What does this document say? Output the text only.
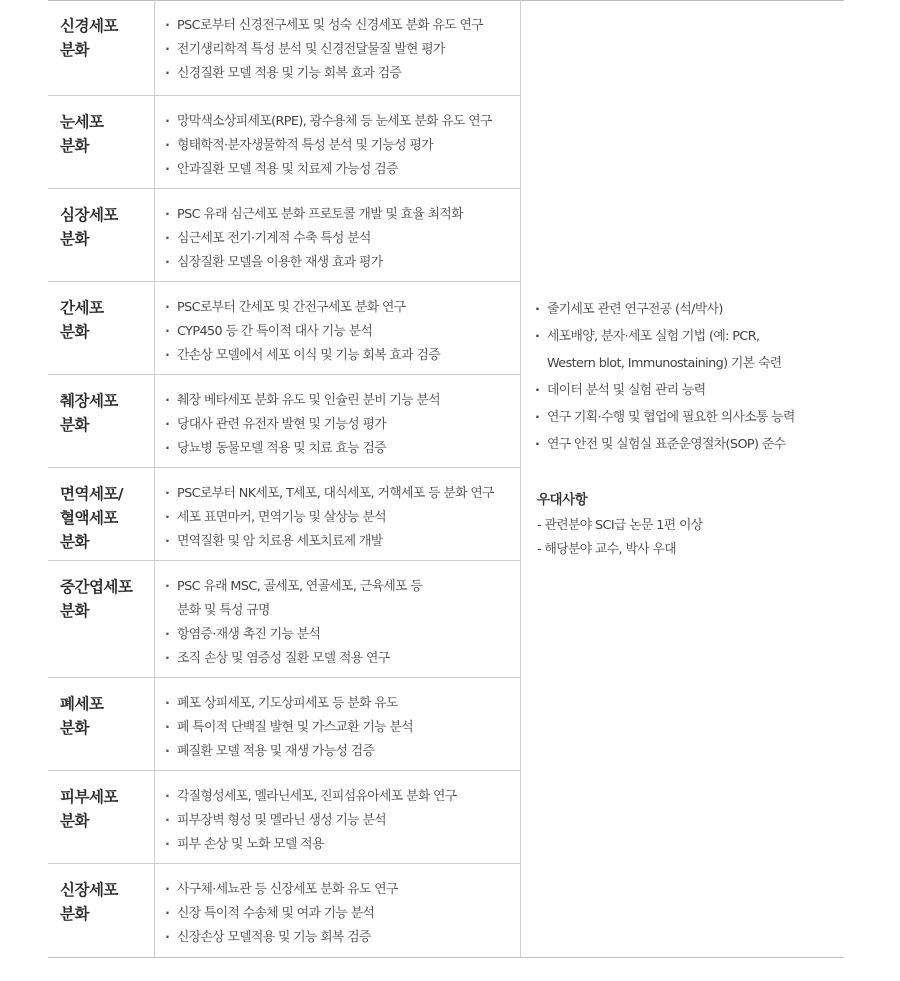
신경세포
분화
· PSC로부터 신경전구세포 및 성숙 신경세포 분화 유도 연구
· 전기생리학적 특성 분석 및 신경전달물질 발현 평가
· 신경질환 모델 적용 및 기능 회복 효과 검증
눈세포
분화
· 망막색소상피세포(RPE), 광수용체 등 눈세포 분화 유도 연구
· 형태학적·분자생물학적 특성 분석 및 기능성 평가
· 안과질환 모델 적용 및 치료제 가능성 검증
심장세포
분화
· PSC 유래 심근세포 분화 프로토콜 개발 및 효율 최적화
· 심근세포 전기·기계적 수축 특성 분석
· 심장질환 모델을 이용한 재생 효과 평가
간세포
분화
· PSC로부터 간세포 및 간전구세포 분화 연구
· CYP450 등 간 특이적 대사 기능 분석
· 간손상 모델에서 세포 이식 및 기능 회복 효과 검증
췌장세포
분화
· 췌장 베타세포 분화 유도 및 인슐린 분비 기능 분석
· 당대사 관련 유전자 발현 및 기능성 평가
· 당뇨병 동물모델 적용 및 치료 효능 검증
면역세포/
혈액세포
분화
· PSC로부터 NK세포, T세포, 대식세포, 거핵세포 등 분화 연구
· 세포 표면마커, 면역기능 및 살상능 분석
· 면역질환 및 암 치료용 세포치료제 개발
중간엽세포
분화
· PSC 유래 MSC, 골세포, 연골세포, 근육세포 등
분화 및 특성 규명
· 항염증·재생 촉진 기능 분석
· 조직 손상 및 염증성 질환 모델 적용 연구
폐세포
분화
· 폐포 상피세포, 기도상피세포 등 분화 유도
· 폐 특이적 단백질 발현 및 가스교환 기능 분석
· 폐질환 모델 적용 및 재생 가능성 검증
피부세포
분화
· 각질형성세포, 멜라닌세포, 진피섬유아세포 분화 연구
· 피부장벽 형성 및 멜라닌 생성 기능 분석
· 피부 손상 및 노화 모델 적용
신장세포
분화
· 사구체·세뇨관 등 신장세포 분화 유도 연구
· 신장 특이적 수송체 및 여과 기능 분석
· 신장손상 모델적용 및 기능 회복 검증
· 줄기세포 관련 연구전공 (석/박사)
· 세포배양, 분자·세포 실험 기법 (예: PCR,
Western blot, Immunostaining) 기본 숙련
· 데이터 분석 및 실험 관리 능력
· 연구 기획·수행 및 협업에 필요한 의사소통 능력
· 연구 안전 및 실험실 표준운영절차(SOP) 준수
우대사항
- 관련분야 SCI급 논문 1편 이상
- 해당분야 교수, 박사 우대
